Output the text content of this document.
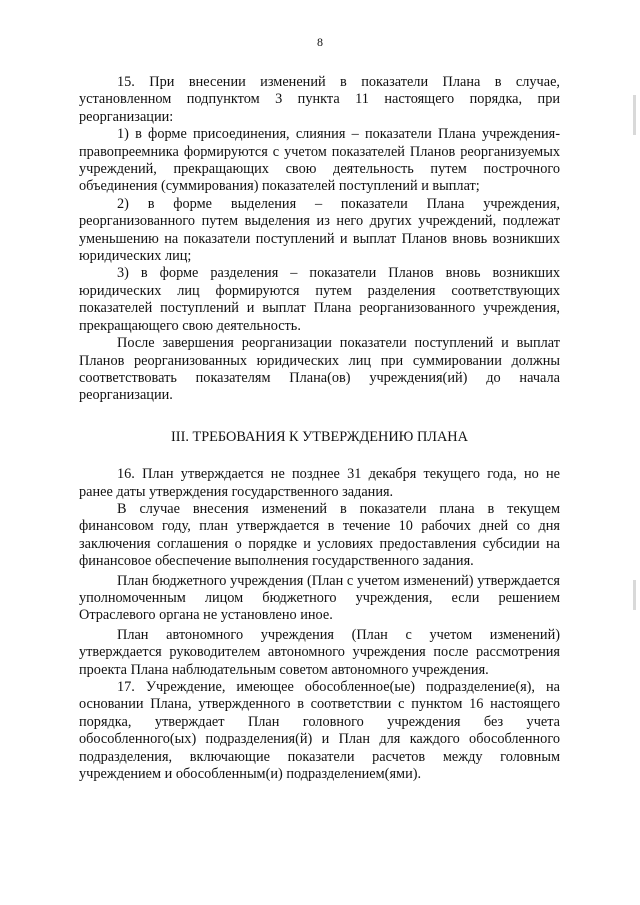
8

15. При внесении изменений в показатели Плана в случае, установленном подпунктом 3 пункта 11 настоящего порядка, при реорганизации:

1) в форме присоединения, слияния – показатели Плана учреждения-правопреемника формируются с учетом показателей Планов реорганизуемых учреждений, прекращающих свою деятельность путем построчного объединения (суммирования) показателей поступлений и выплат;

2) в форме выделения – показатели Плана учреждения, реорганизованного путем выделения из него других учреждений, подлежат уменьшению на показатели поступлений и выплат Планов вновь возникших юридических лиц;

3) в форме разделения – показатели Планов вновь возникших юридических лиц формируются путем разделения соответствующих показателей поступлений и выплат Плана реорганизованного учреждения, прекращающего свою деятельность.

После завершения реорганизации показатели поступлений и выплат Планов реорганизованных юридических лиц при суммировании должны соответствовать показателям Плана(ов) учреждения(ий) до начала реорганизации.

III. ТРЕБОВАНИЯ К УТВЕРЖДЕНИЮ ПЛАНА

16. План утверждается не позднее 31 декабря текущего года, но не ранее даты утверждения государственного задания.

В случае внесения изменений в показатели плана в текущем финансовом году, план утверждается в течение 10 рабочих дней со дня заключения соглашения о порядке и условиях предоставления субсидии на финансовое обеспечение выполнения государственного задания.

План бюджетного учреждения (План с учетом изменений) утверждается уполномоченным лицом бюджетного учреждения, если решением Отраслевого органа не установлено иное.

План автономного учреждения (План с учетом изменений) утверждается руководителем автономного учреждения после рассмотрения проекта Плана наблюдательным советом автономного учреждения.

17. Учреждение, имеющее обособленное(ые) подразделение(я), на основании Плана, утвержденного в соответствии с пунктом 16 настоящего порядка, утверждает План головного учреждения без учета обособленного(ых) подразделения(й) и План для каждого обособленного подразделения, включающие показатели расчетов между головным учреждением и обособленным(и) подразделением(ями).
